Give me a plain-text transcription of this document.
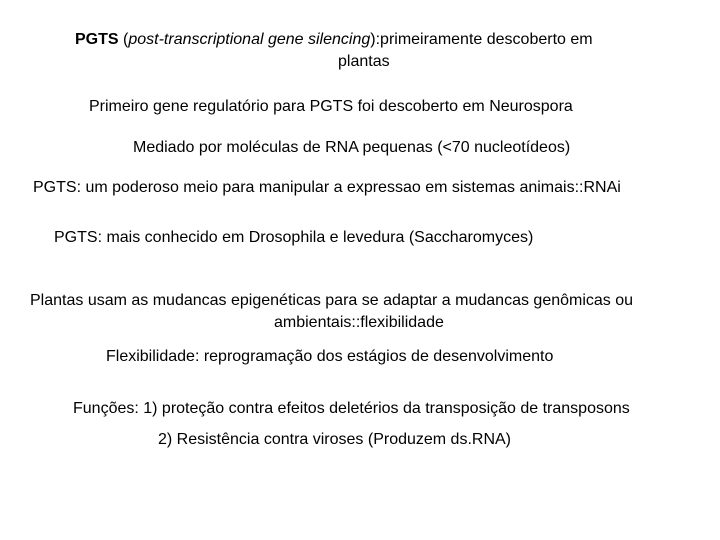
PGTS (post-transcriptional gene silencing):primeiramente descoberto em
plantas
Primeiro gene regulatório para PGTS foi descoberto em Neurospora
Mediado por moléculas de RNA pequenas (<70 nucleotídeos)
PGTS: um poderoso meio para manipular a expressao em sistemas animais::RNAi
PGTS: mais conhecido em Drosophila e levedura (Saccharomyces)
Plantas usam as mudancas epigenéticas para se adaptar a mudancas genômicas ou
ambientais::flexibilidade
Flexibilidade: reprogramação dos estágios de desenvolvimento
Funções: 1) proteção contra efeitos deletérios da transposição de transposons
2) Resistência contra viroses (Produzem ds.RNA)
